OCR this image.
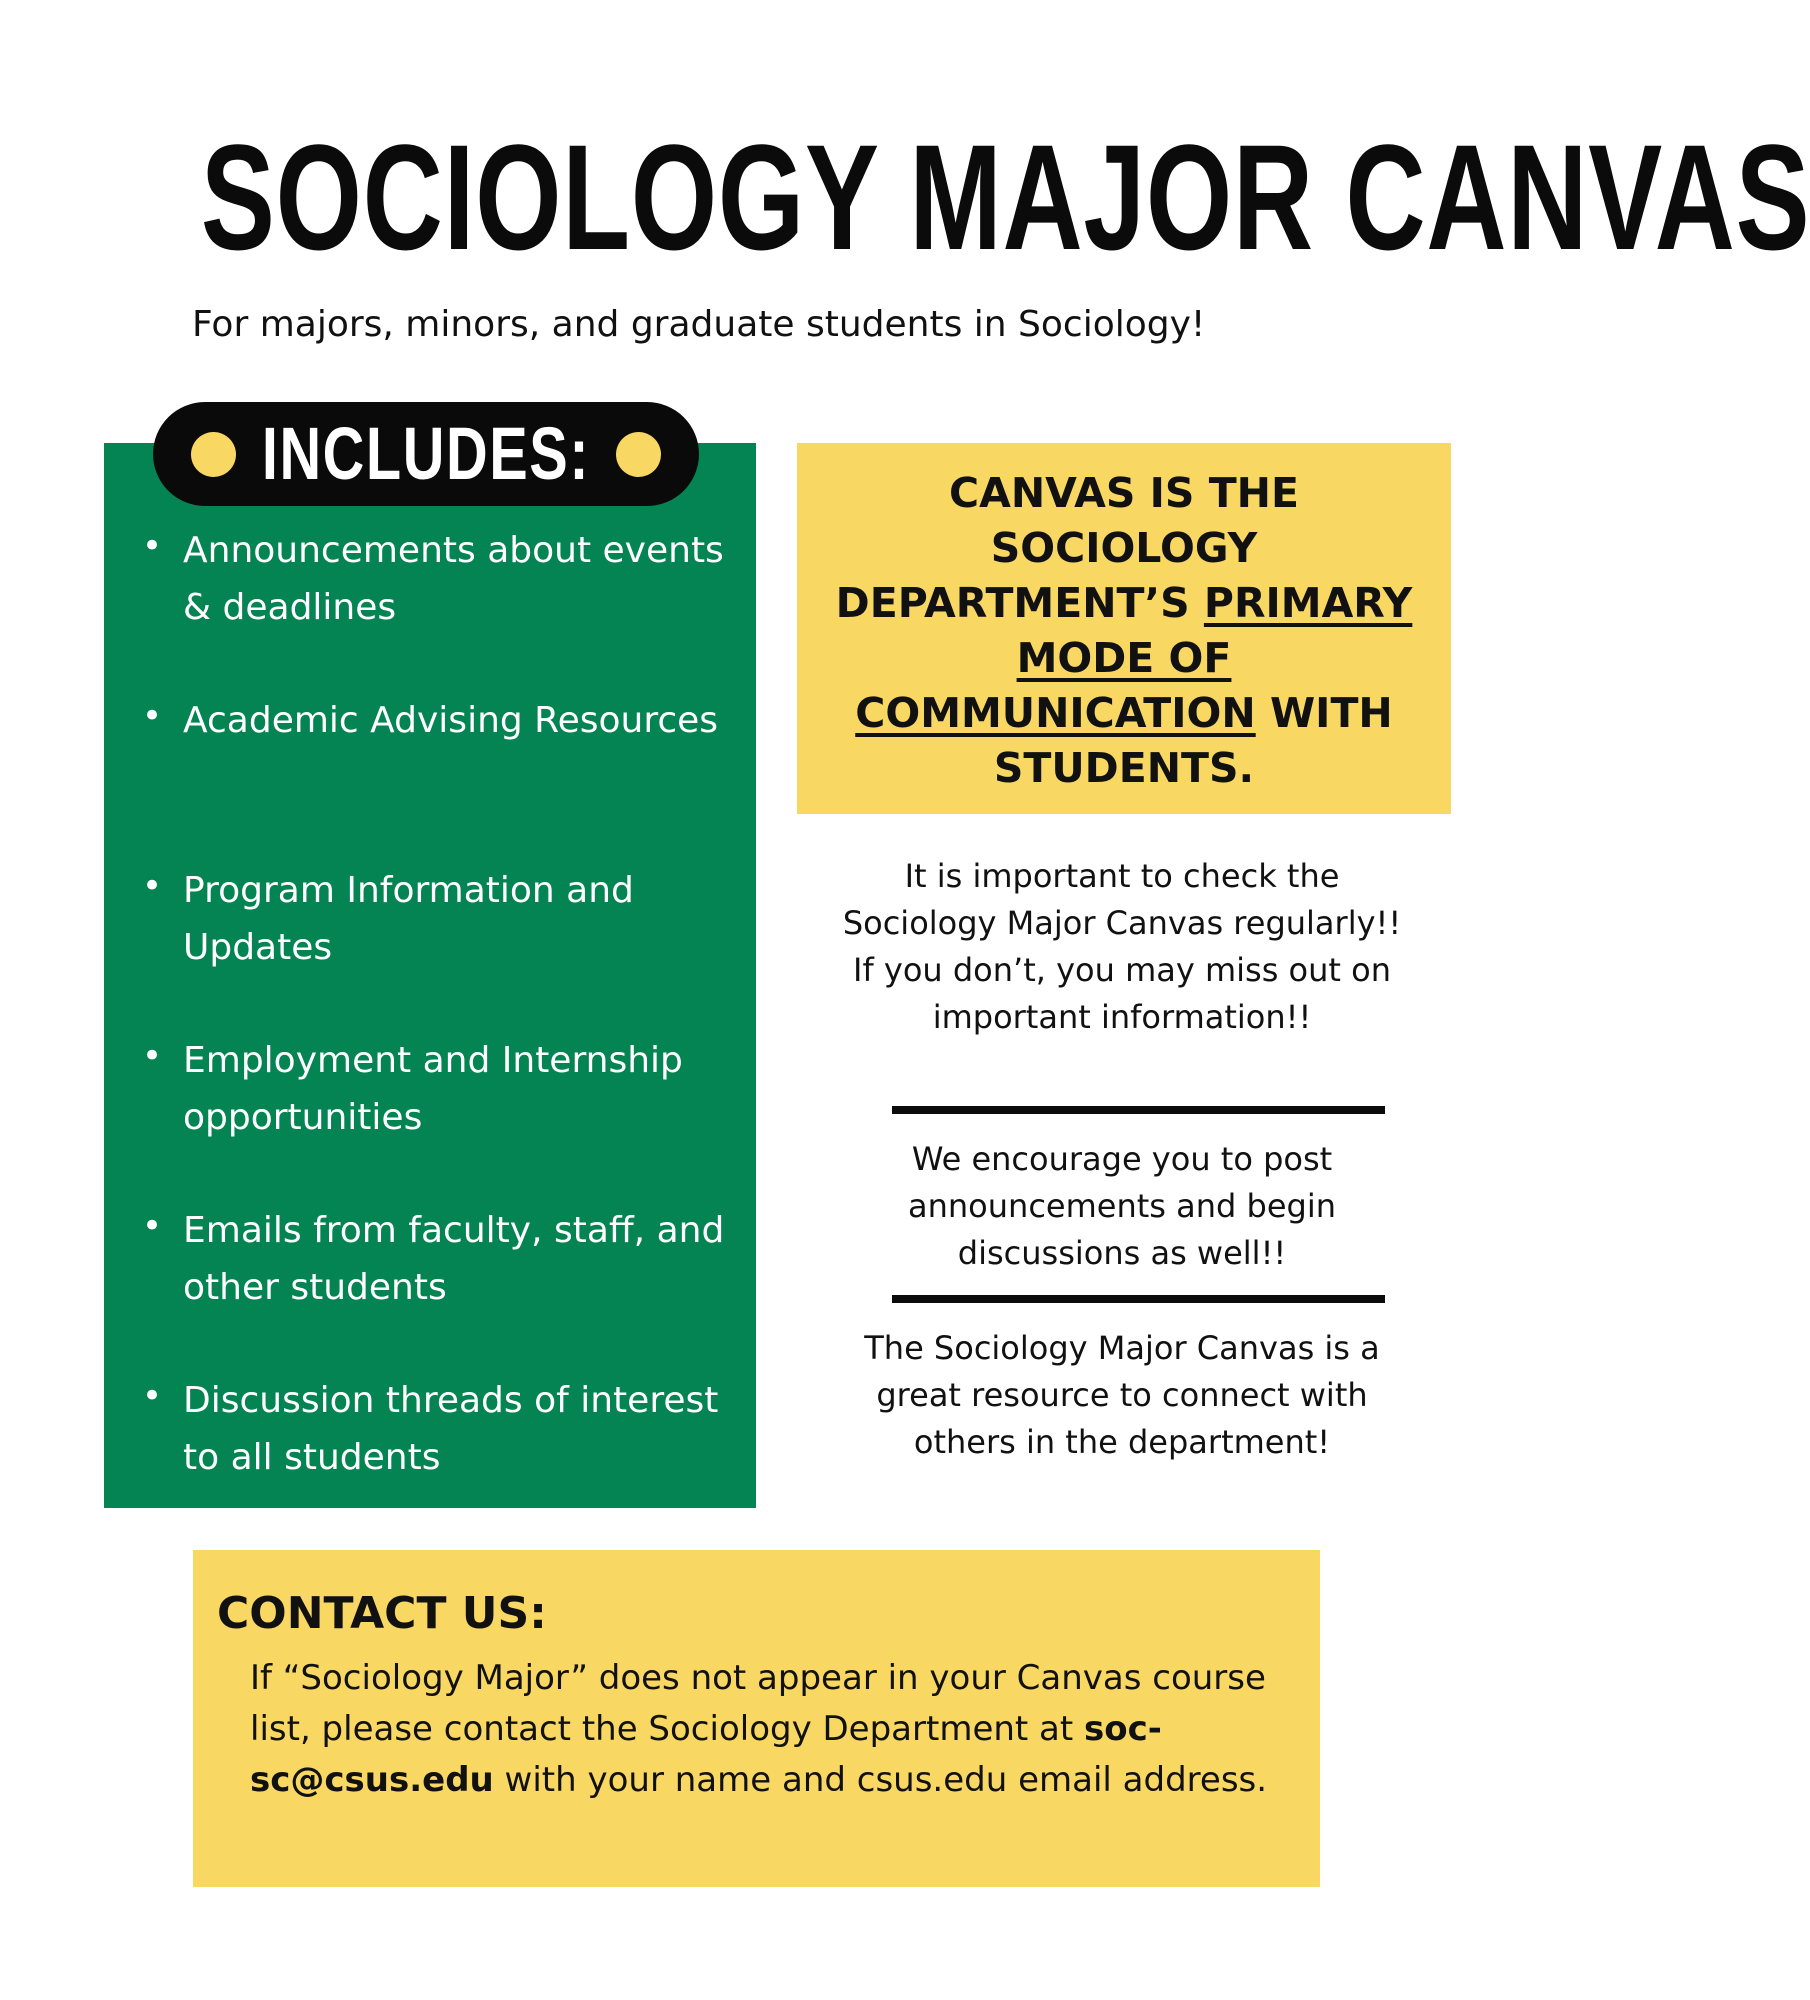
SOCIOLOGY MAJOR CANVAS

For majors, minors, and graduate students in Sociology!

INCLUDES:
• Announcements about events & deadlines
• Academic Advising Resources
• Program Information and Updates
• Employment and Internship opportunities
• Emails from faculty, staff, and other students
• Discussion threads of interest to all students

CANVAS IS THE SOCIOLOGY DEPARTMENT’S PRIMARY MODE OF COMMUNICATION WITH STUDENTS.

It is important to check the Sociology Major Canvas regularly!! If you don’t, you may miss out on important information!!

We encourage you to post announcements and begin discussions as well!!

The Sociology Major Canvas is a great resource to connect with others in the department!

CONTACT US:

If “Sociology Major” does not appear in your Canvas course list, please contact the Sociology Department at soc-sc@csus.edu with your name and csus.edu email address.
